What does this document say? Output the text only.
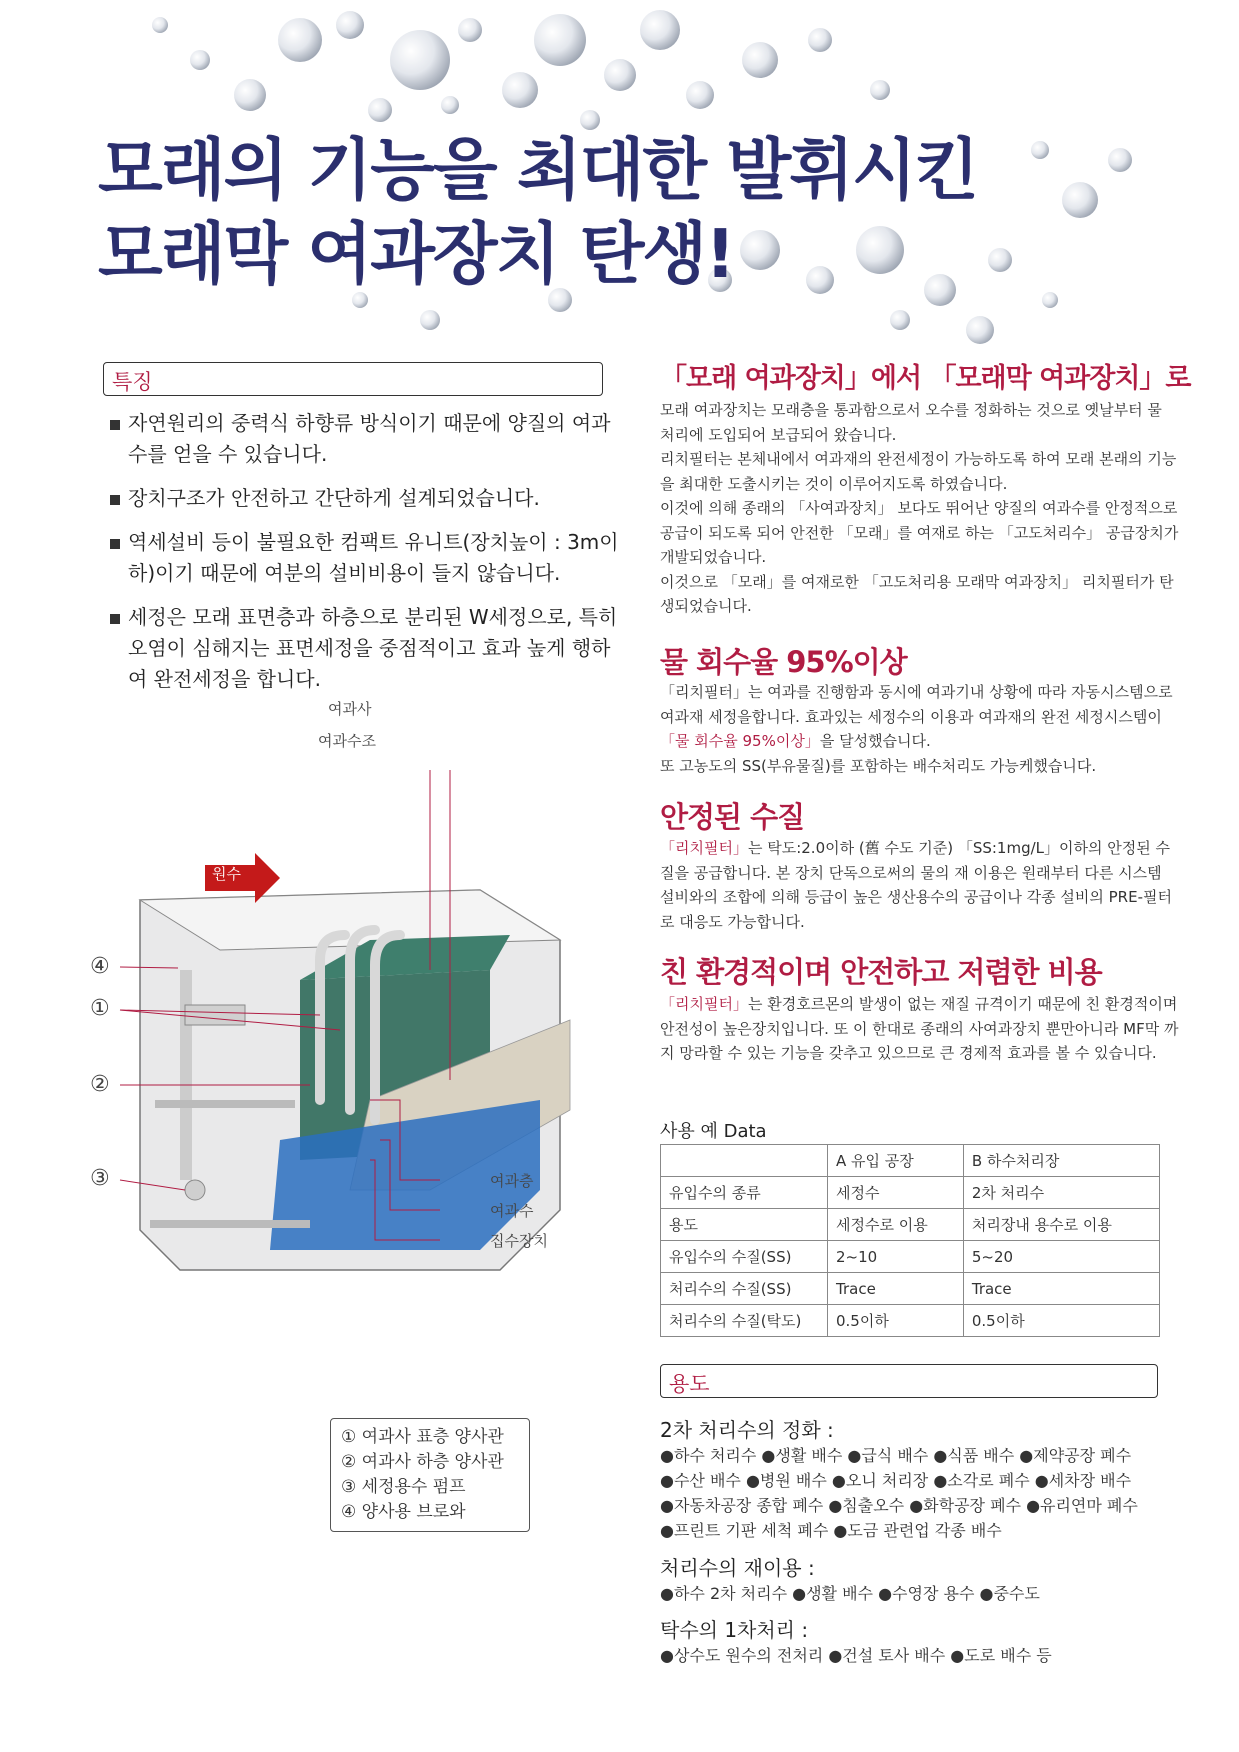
모래의 기능을 최대한 발휘시킨
모래막 여과장치 탄생!
특징
자연원리의 중력식 하향류 방식이기 때문에 양질의 여과수를 얻을 수 있습니다.
장치구조가 안전하고 간단하게 설계되었습니다.
역세설비 등이 불필요한 컴팩트 유니트(장치높이 : 3m이하)이기 때문에 여분의 설비비용이 들지 않습니다.
세정은 모래 표면층과 하층으로 분리된 W세정으로, 특히 오염이 심해지는 표면세정을 중점적이고 효과 높게 행하여 완전세정을 합니다.
여과사
여과수조
원수
여과층
여과수
집수장치
④
①
②
③
① 여과사 표층 양사관
② 여과사 하층 양사관
③ 세정용수 펌프
④ 양사용 브로와
「모래 여과장치」에서 「모래막 여과장치」로
모래 여과장치는 모래층을 통과함으로서 오수를 정화하는 것으로 옛날부터 물 처리에 도입되어 보급되어 왔습니다.
리치필터는 본체내에서 여과재의 완전세정이 가능하도록 하여 모래 본래의 기능을 최대한 도출시키는 것이 이루어지도록 하였습니다.
이것에 의해 종래의 「사여과장치」 보다도 뛰어난 양질의 여과수를 안정적으로 공급이 되도록 되어 안전한 「모래」를 여재로 하는 「고도처리수」 공급장치가 개발되었습니다.
이것으로 「모래」를 여재로한 「고도처리용 모래막 여과장치」 리치필터가 탄생되었습니다.
물 회수율 95%이상
「리치필터」는 여과를 진행함과 동시에 여과기내 상황에 따라 자동시스템으로 여과재 세정을합니다. 효과있는 세정수의 이용과 여과재의 완전 세정시스템이 「물 회수율 95%이상」을 달성했습니다.
또 고농도의 SS(부유물질)를 포함하는 배수처리도 가능케했습니다.
안정된 수질
「리치필터」는 탁도:2.0이하 (舊 수도 기준) 「SS:1mg/L」이하의 안정된 수질을 공급합니다. 본 장치 단독으로써의 물의 재 이용은 원래부터 다른 시스템 설비와의 조합에 의해 등급이 높은 생산용수의 공급이나 각종 설비의 PRE-필터로 대응도 가능합니다.
친 환경적이며 안전하고 저렴한 비용
「리치필터」는 환경호르몬의 발생이 없는 재질 규격이기 때문에 친 환경적이며 안전성이 높은장치입니다. 또 이 한대로 종래의 사여과장치 뿐만아니라 MF막 까지 망라할 수 있는 기능을 갖추고 있으므로 큰 경제적 효과를 볼 수 있습니다.
사용 예 Data
	A 유입 공장	B 하수처리장
유입수의 종류	세정수	2차 처리수
용도	세정수로 이용	처리장내 용수로 이용
유입수의 수질(SS)	2~10	5~20
처리수의 수질(SS)	Trace	Trace
처리수의 수질(탁도)	0.5이하	0.5이하
용도
2차 처리수의 정화 :
●하수 처리수 ●생활 배수 ●급식 배수 ●식품 배수 ●제약공장 폐수
●수산 배수 ●병원 배수 ●오니 처리장 ●소각로 폐수 ●세차장 배수
●자동차공장 종합 폐수 ●침출오수 ●화학공장 폐수 ●유리연마 폐수
●프린트 기판 세척 폐수 ●도금 관련업 각종 배수
처리수의 재이용 :
●하수 2차 처리수 ●생활 배수 ●수영장 용수 ●중수도
탁수의 1차처리 :
●상수도 원수의 전처리 ●건설 토사 배수 ●도로 배수 등
